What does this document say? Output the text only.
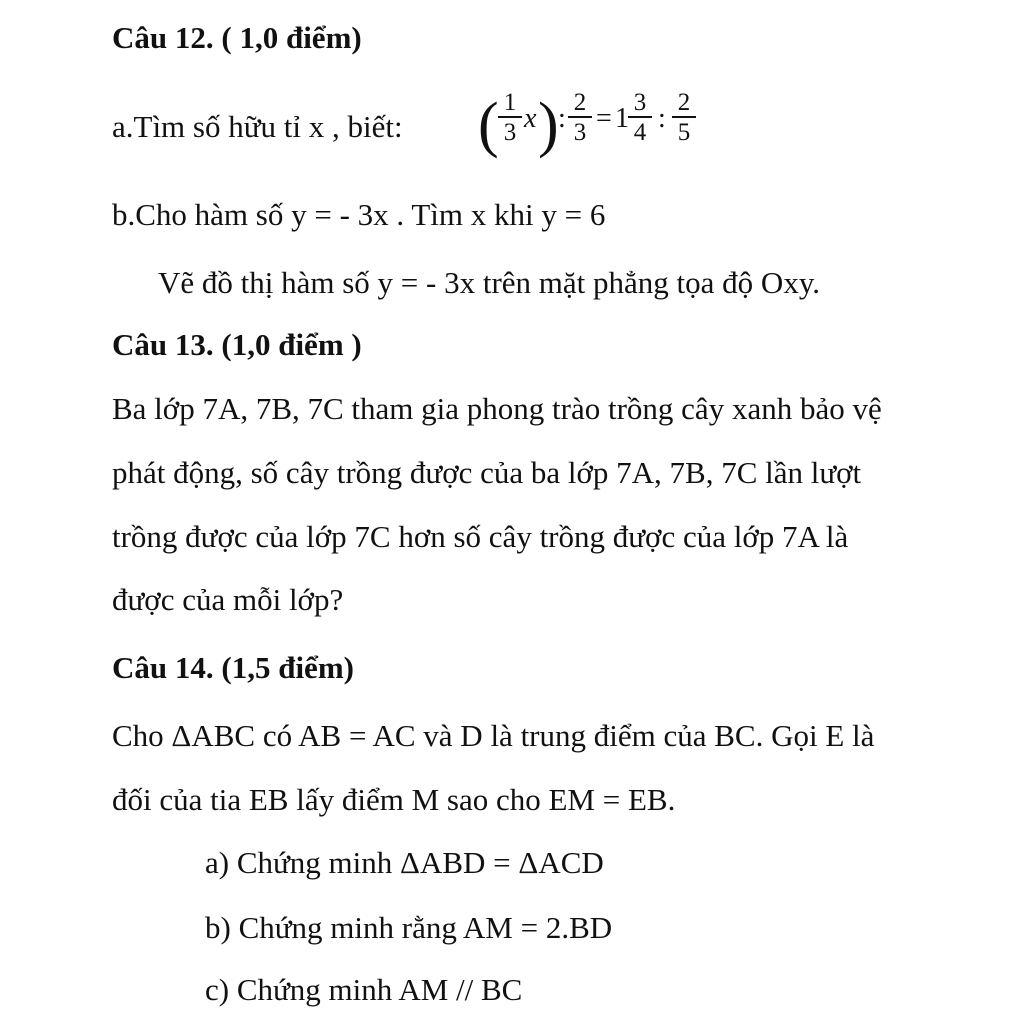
Câu 12. ( 1,0 điểm)
a.Tìm số hữu tỉ x , biết: ( $\frac{1}{3}$ x ) : $\frac{2}{3} = 1 \frac{3}{4}$ : $\frac{2}{5}$
b.Cho hàm số y = - 3x . Tìm x khi y = 6
Vẽ đồ thị hàm số y = - 3x trên mặt phẳng tọa độ Oxy.
Câu 13. (1,0 điểm )
Ba lớp 7A, 7B, 7C tham gia phong trào trồng cây xanh bảo vệ
phát động, số cây trồng được của ba lớp 7A, 7B, 7C lần lượt
trồng được của lớp 7C hơn số cây trồng được của lớp 7A là
được của mỗi lớp?
Câu 14. (1,5 điểm)
Cho ΔABC có AB = AC và D là trung điểm của BC. Gọi E là
đối của tia EB lấy điểm M sao cho EM = EB.
a) Chứng minh ΔABD = ΔACD
b) Chứng minh rằng AM = 2.BD
c) Chứng minh AM // BC
